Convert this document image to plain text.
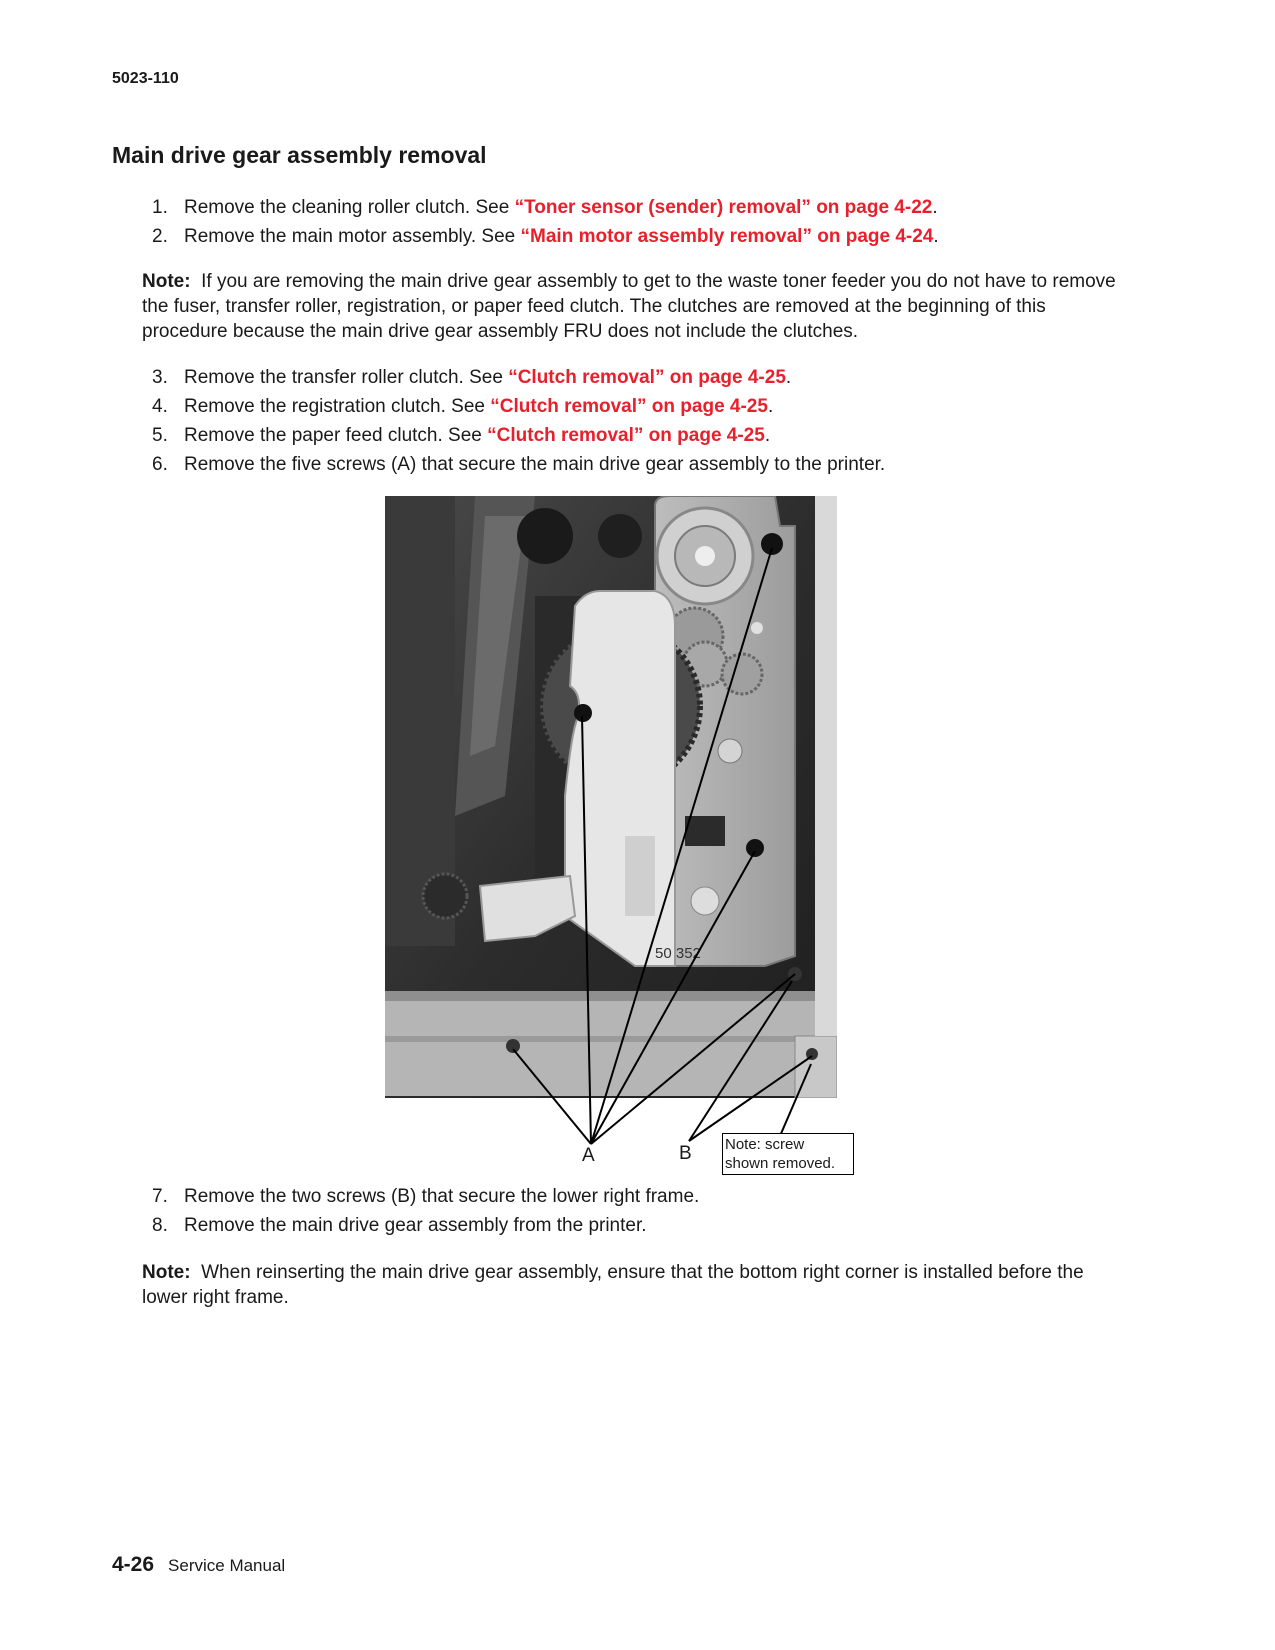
5023-110
Main drive gear assembly removal
1. Remove the cleaning roller clutch. See “Toner sensor (sender) removal” on page 4-22.
2. Remove the main motor assembly. See “Main motor assembly removal” on page 4-24.

Note: If you are removing the main drive gear assembly to get to the waste toner feeder you do not have to remove the fuser, transfer roller, registration, or paper feed clutch. The clutches are removed at the beginning of this procedure because the main drive gear assembly FRU does not include the clutches.

3. Remove the transfer roller clutch. See “Clutch removal” on page 4-25.
4. Remove the registration clutch. See “Clutch removal” on page 4-25.
5. Remove the paper feed clutch. See “Clutch removal” on page 4-25.
6. Remove the five screws (A) that secure the main drive gear assembly to the printer.
50 352
A	B Note: screw
shown removed.
7. Remove the two screws (B) that secure the lower right frame.
8. Remove the main drive gear assembly from the printer.

Note: When reinserting the main drive gear assembly, ensure that the bottom right corner is installed before the lower right frame.

4-26 Service Manual
